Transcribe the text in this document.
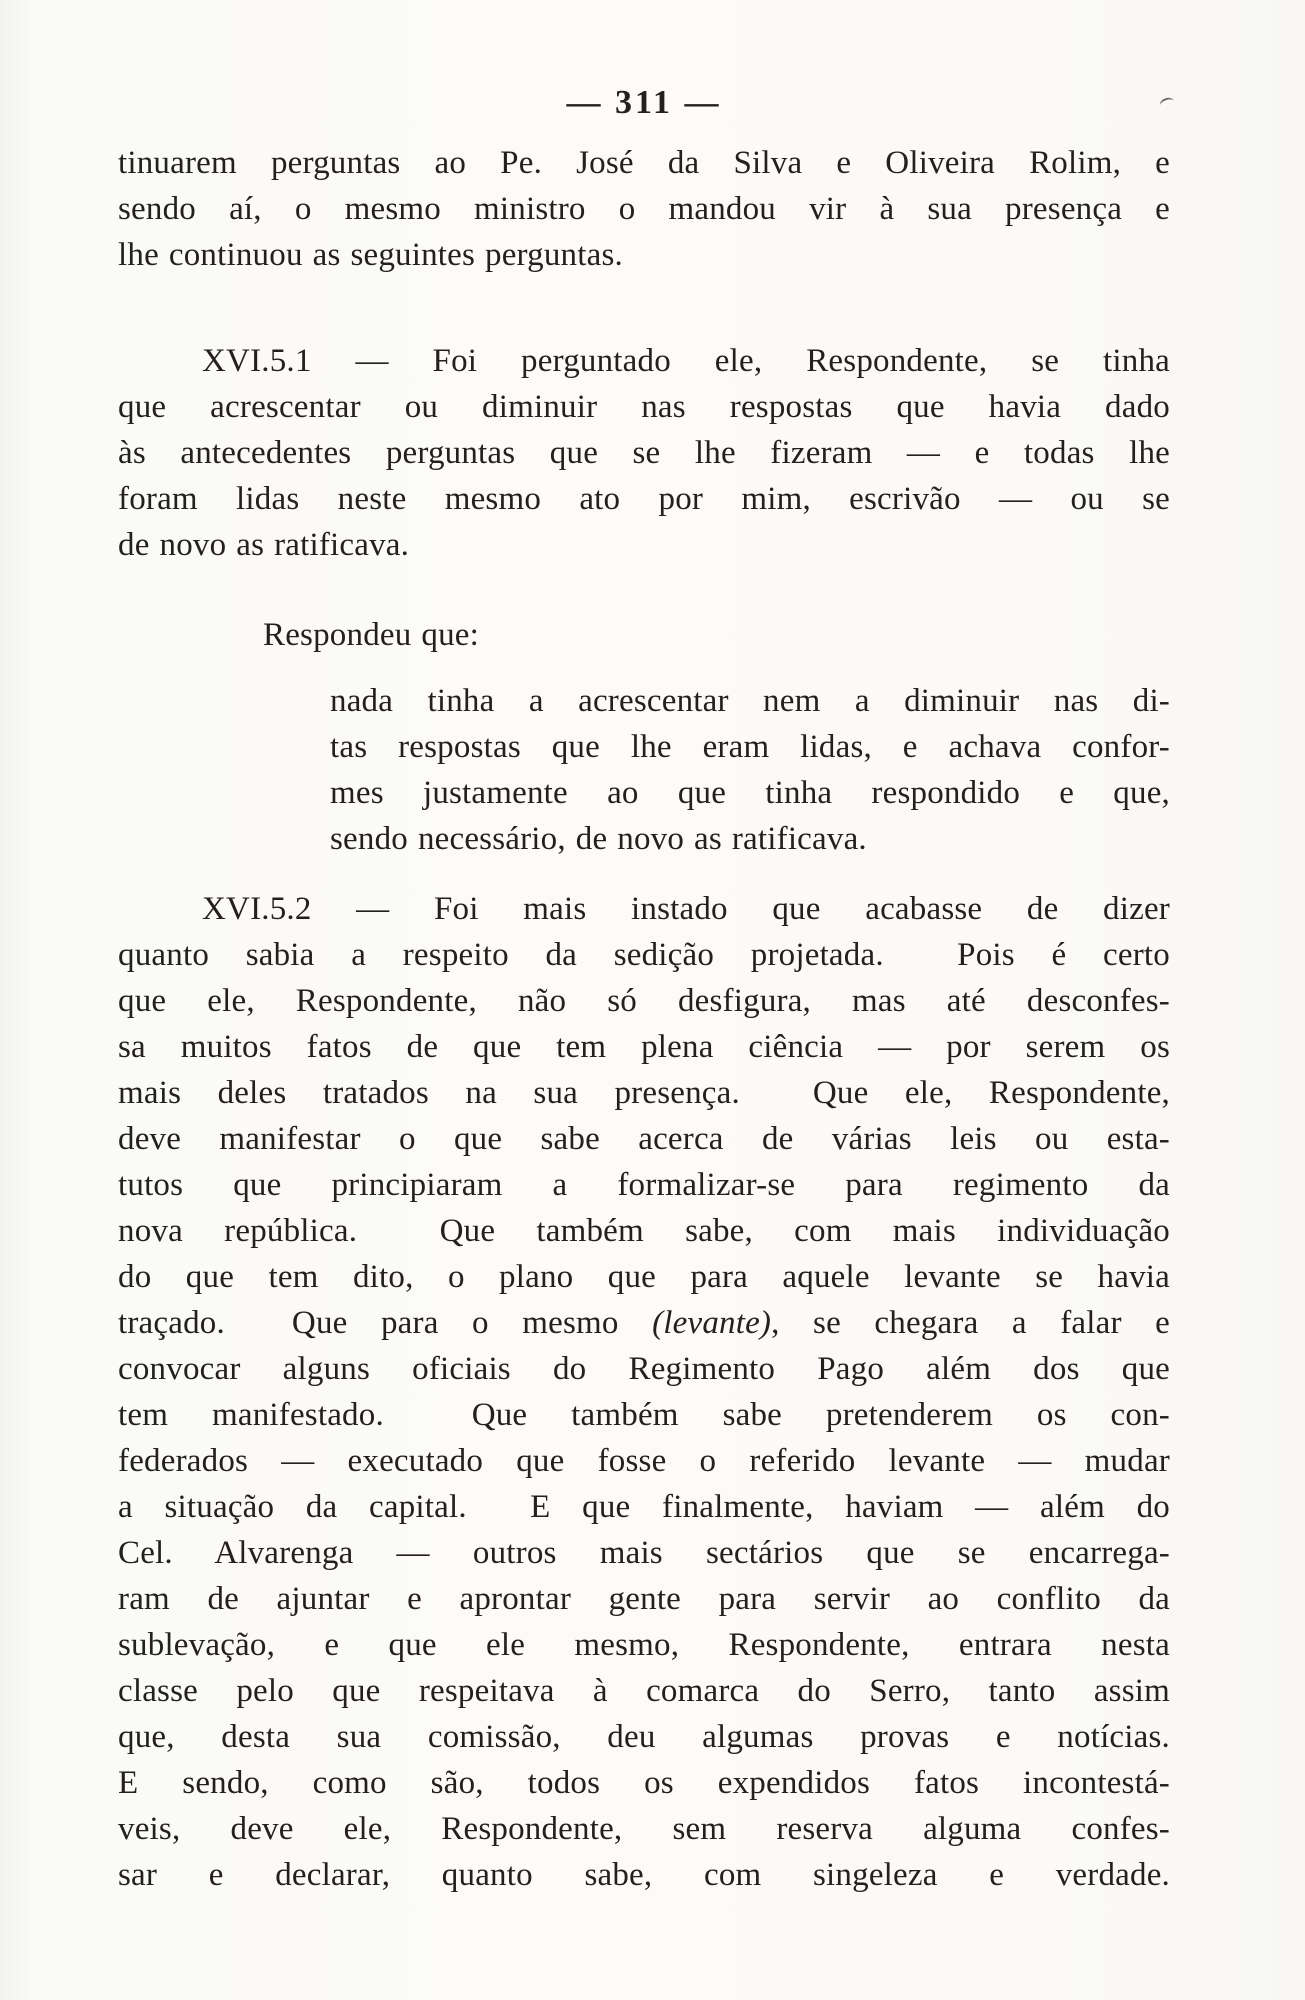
— 311 —
tinuarem perguntas ao Pe. José da Silva e Oliveira Rolim, e
sendo aí, o mesmo ministro o mandou vir à sua presença e
lhe continuou as seguintes perguntas.
XVI.5.1 — Foi perguntado ele, Respondente, se tinha
que acrescentar ou diminuir nas respostas que havia dado
às antecedentes perguntas que se lhe fizeram — e todas lhe
foram lidas neste mesmo ato por mim, escrivão — ou se
de novo as ratificava.
Respondeu que:
nada tinha a acrescentar nem a diminuir nas di-
tas respostas que lhe eram lidas, e achava confor-
mes justamente ao que tinha respondido e que,
sendo necessário, de novo as ratificava.
XVI.5.2 — Foi mais instado que acabasse de dizer
quanto sabia a respeito da sedição projetada.  Pois é certo
que ele, Respondente, não só desfigura, mas até desconfes-
sa muitos fatos de que tem plena ciência — por serem os
mais deles tratados na sua presença.  Que ele, Respondente,
deve manifestar o que sabe acerca de várias leis ou esta-
tutos que principiaram a formalizar-se para regimento da
nova república.  Que também sabe, com mais individuação
do que tem dito, o plano que para aquele levante se havia
traçado.  Que para o mesmo (levante), se chegara a falar e
convocar alguns oficiais do Regimento Pago além dos que
tem manifestado.  Que também sabe pretenderem os con-
federados — executado que fosse o referido levante — mudar
a situação da capital.  E que finalmente, haviam — além do
Cel. Alvarenga — outros mais sectários que se encarrega-
ram de ajuntar e aprontar gente para servir ao conflito da
sublevação, e que ele mesmo, Respondente, entrara nesta
classe pelo que respeitava à comarca do Serro, tanto assim
que, desta sua comissão, deu algumas provas e notícias.
E sendo, como são, todos os expendidos fatos incontestá-
veis, deve ele, Respondente, sem reserva alguma confes-
sar e declarar, quanto sabe, com singeleza e verdade.
